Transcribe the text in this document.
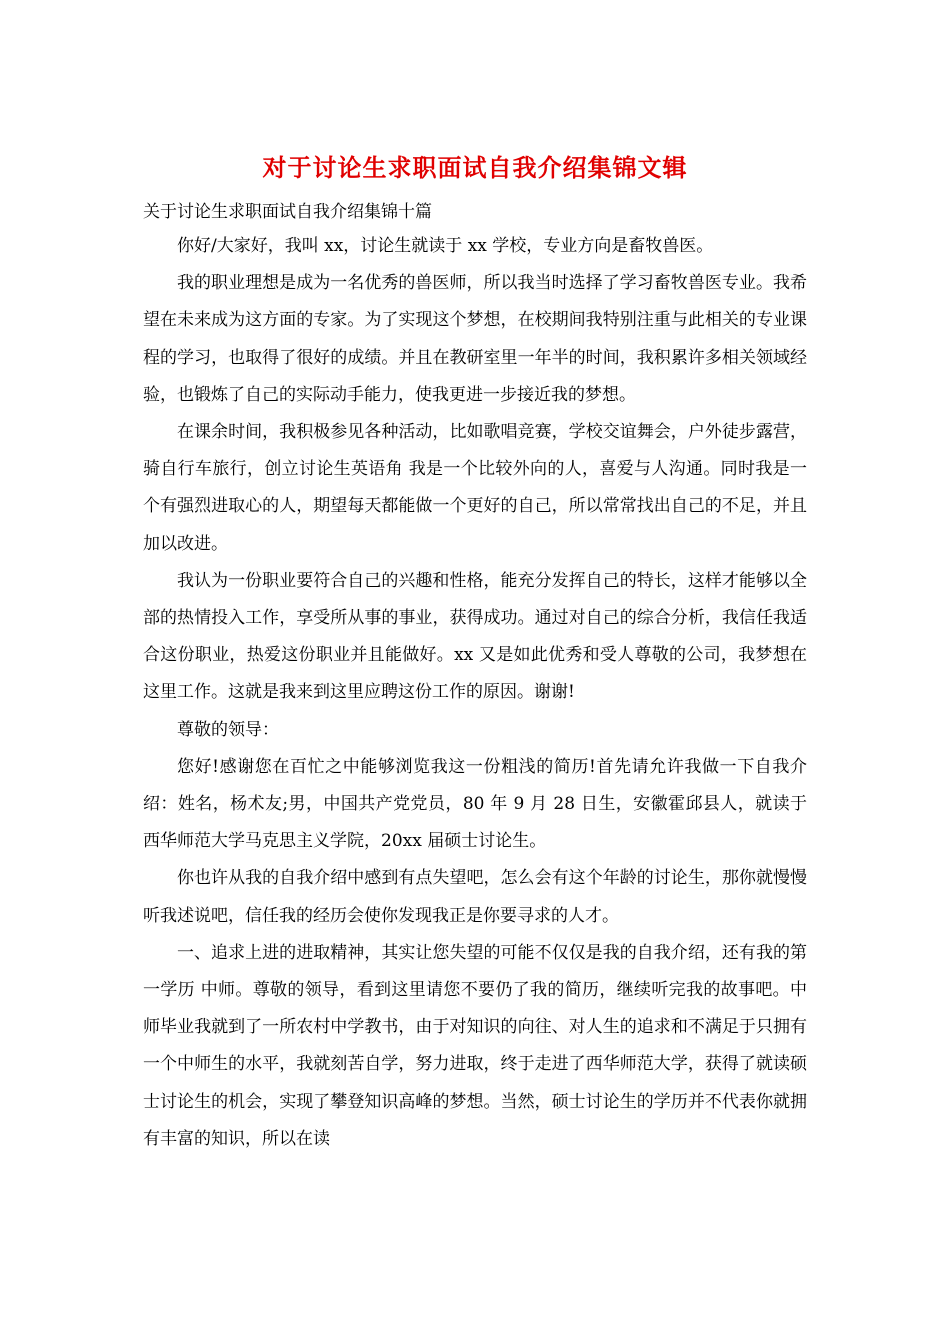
对于讨论生求职面试自我介绍集锦文辑
关于讨论生求职面试自我介绍集锦十篇

你好/大家好，我叫 xx，讨论生就读于 xx 学校，专业方向是畜牧兽医。

我的职业理想是成为一名优秀的兽医师，所以我当时选择了学习畜牧兽医专业。我希望在未来成为这方面的专家。为了实现这个梦想，在校期间我特别注重与此相关的专业课程的学习，也取得了很好的成绩。并且在教研室里一年半的时间，我积累许多相关领域经验，也锻炼了自己的实际动手能力，使我更进一步接近我的梦想。

在课余时间，我积极参见各种活动，比如歌唱竞赛，学校交谊舞会，户外徒步露营，骑自行车旅行，创立讨论生英语角 我是一个比较外向的人，喜爱与人沟通。同时我是一个有强烈进取心的人，期望每天都能做一个更好的自己，所以常常找出自己的不足，并且加以改进。

我认为一份职业要符合自己的兴趣和性格，能充分发挥自己的特长，这样才能够以全部的热情投入工作，享受所从事的事业，获得成功。通过对自己的综合分析，我信任我适合这份职业，热爱这份职业并且能做好。xx 又是如此优秀和受人尊敬的公司，我梦想在这里工作。这就是我来到这里应聘这份工作的原因。谢谢!

尊敬的领导：

您好!感谢您在百忙之中能够浏览我这一份粗浅的简历!首先请允许我做一下自我介绍：姓名，杨术友;男，中国共产党党员，80 年 9 月 28 日生，安徽霍邱县人，就读于西华师范大学马克思主义学院，20xx 届硕士讨论生。

你也许从我的自我介绍中感到有点失望吧，怎么会有这个年龄的讨论生，那你就慢慢听我述说吧，信任我的经历会使你发现我正是你要寻求的人才。

一、追求上进的进取精神，其实让您失望的可能不仅仅是我的自我介绍，还有我的第一学历 中师。尊敬的领导，看到这里请您不要仍了我的简历，继续听完我的故事吧。中师毕业我就到了一所农村中学教书，由于对知识的向往、对人生的追求和不满足于只拥有一个中师生的水平，我就刻苦自学，努力进取，终于走进了西华师范大学，获得了就读硕士讨论生的机会，实现了攀登知识高峰的梦想。当然，硕士讨论生的学历并不代表你就拥有丰富的知识，所以在读
